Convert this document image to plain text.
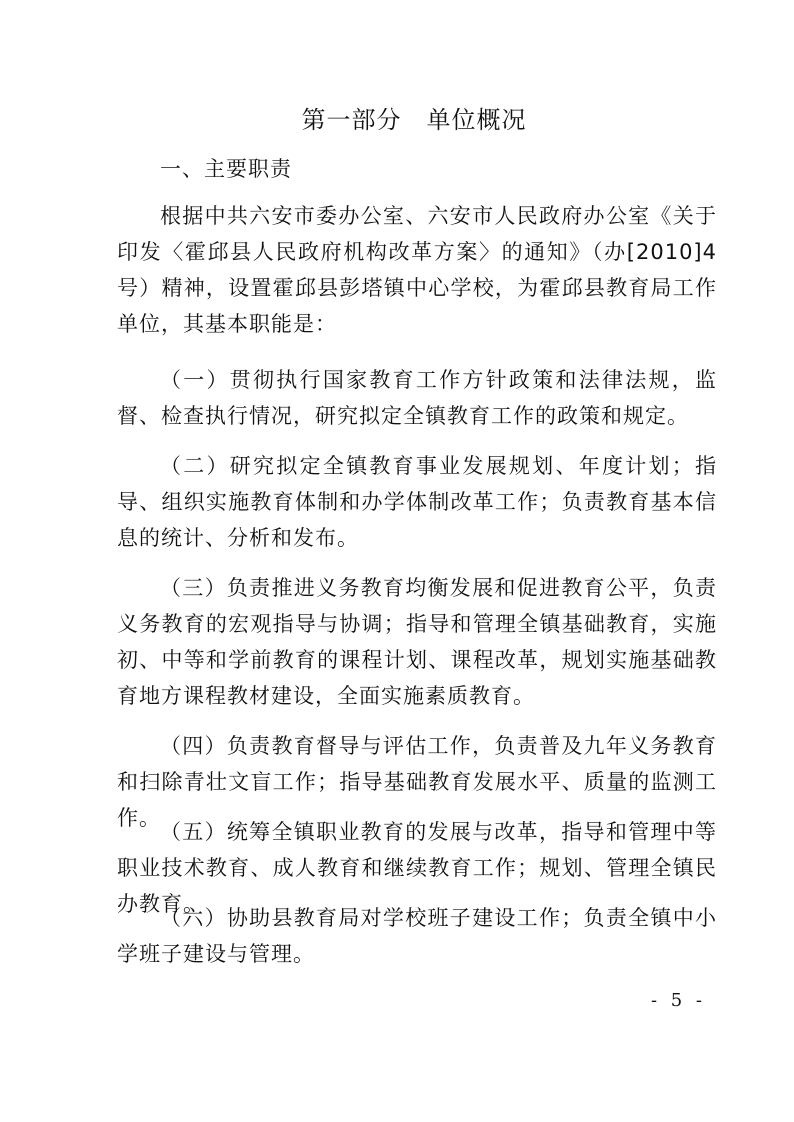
第一部分　单位概况
一、主要职责

根据中共六安市委办公室、六安市人民政府办公室《关于印发〈霍邱县人民政府机构改革方案〉的通知》（办[2010]4 号）精神，设置霍邱县彭塔镇中心学校，为霍邱县教育局工作单位，其基本职能是：

（一）贯彻执行国家教育工作方针政策和法律法规，监督、检查执行情况，研究拟定全镇教育工作的政策和规定。

（二）研究拟定全镇教育事业发展规划、年度计划；指导、组织实施教育体制和办学体制改革工作；负责教育基本信息的统计、分析和发布。

（三）负责推进义务教育均衡发展和促进教育公平，负责义务教育的宏观指导与协调；指导和管理全镇基础教育，实施初、中等和学前教育的课程计划、课程改革，规划实施基础教育地方课程教材建设，全面实施素质教育。

（四）负责教育督导与评估工作，负责普及九年义务教育和扫除青壮文盲工作；指导基础教育发展水平、质量的监测工作。

（五）统筹全镇职业教育的发展与改革，指导和管理中等职业技术教育、成人教育和继续教育工作；规划、管理全镇民办教育。

（六）协助县教育局对学校班子建设工作；负责全镇中小学班子建设与管理。

- 5 -
